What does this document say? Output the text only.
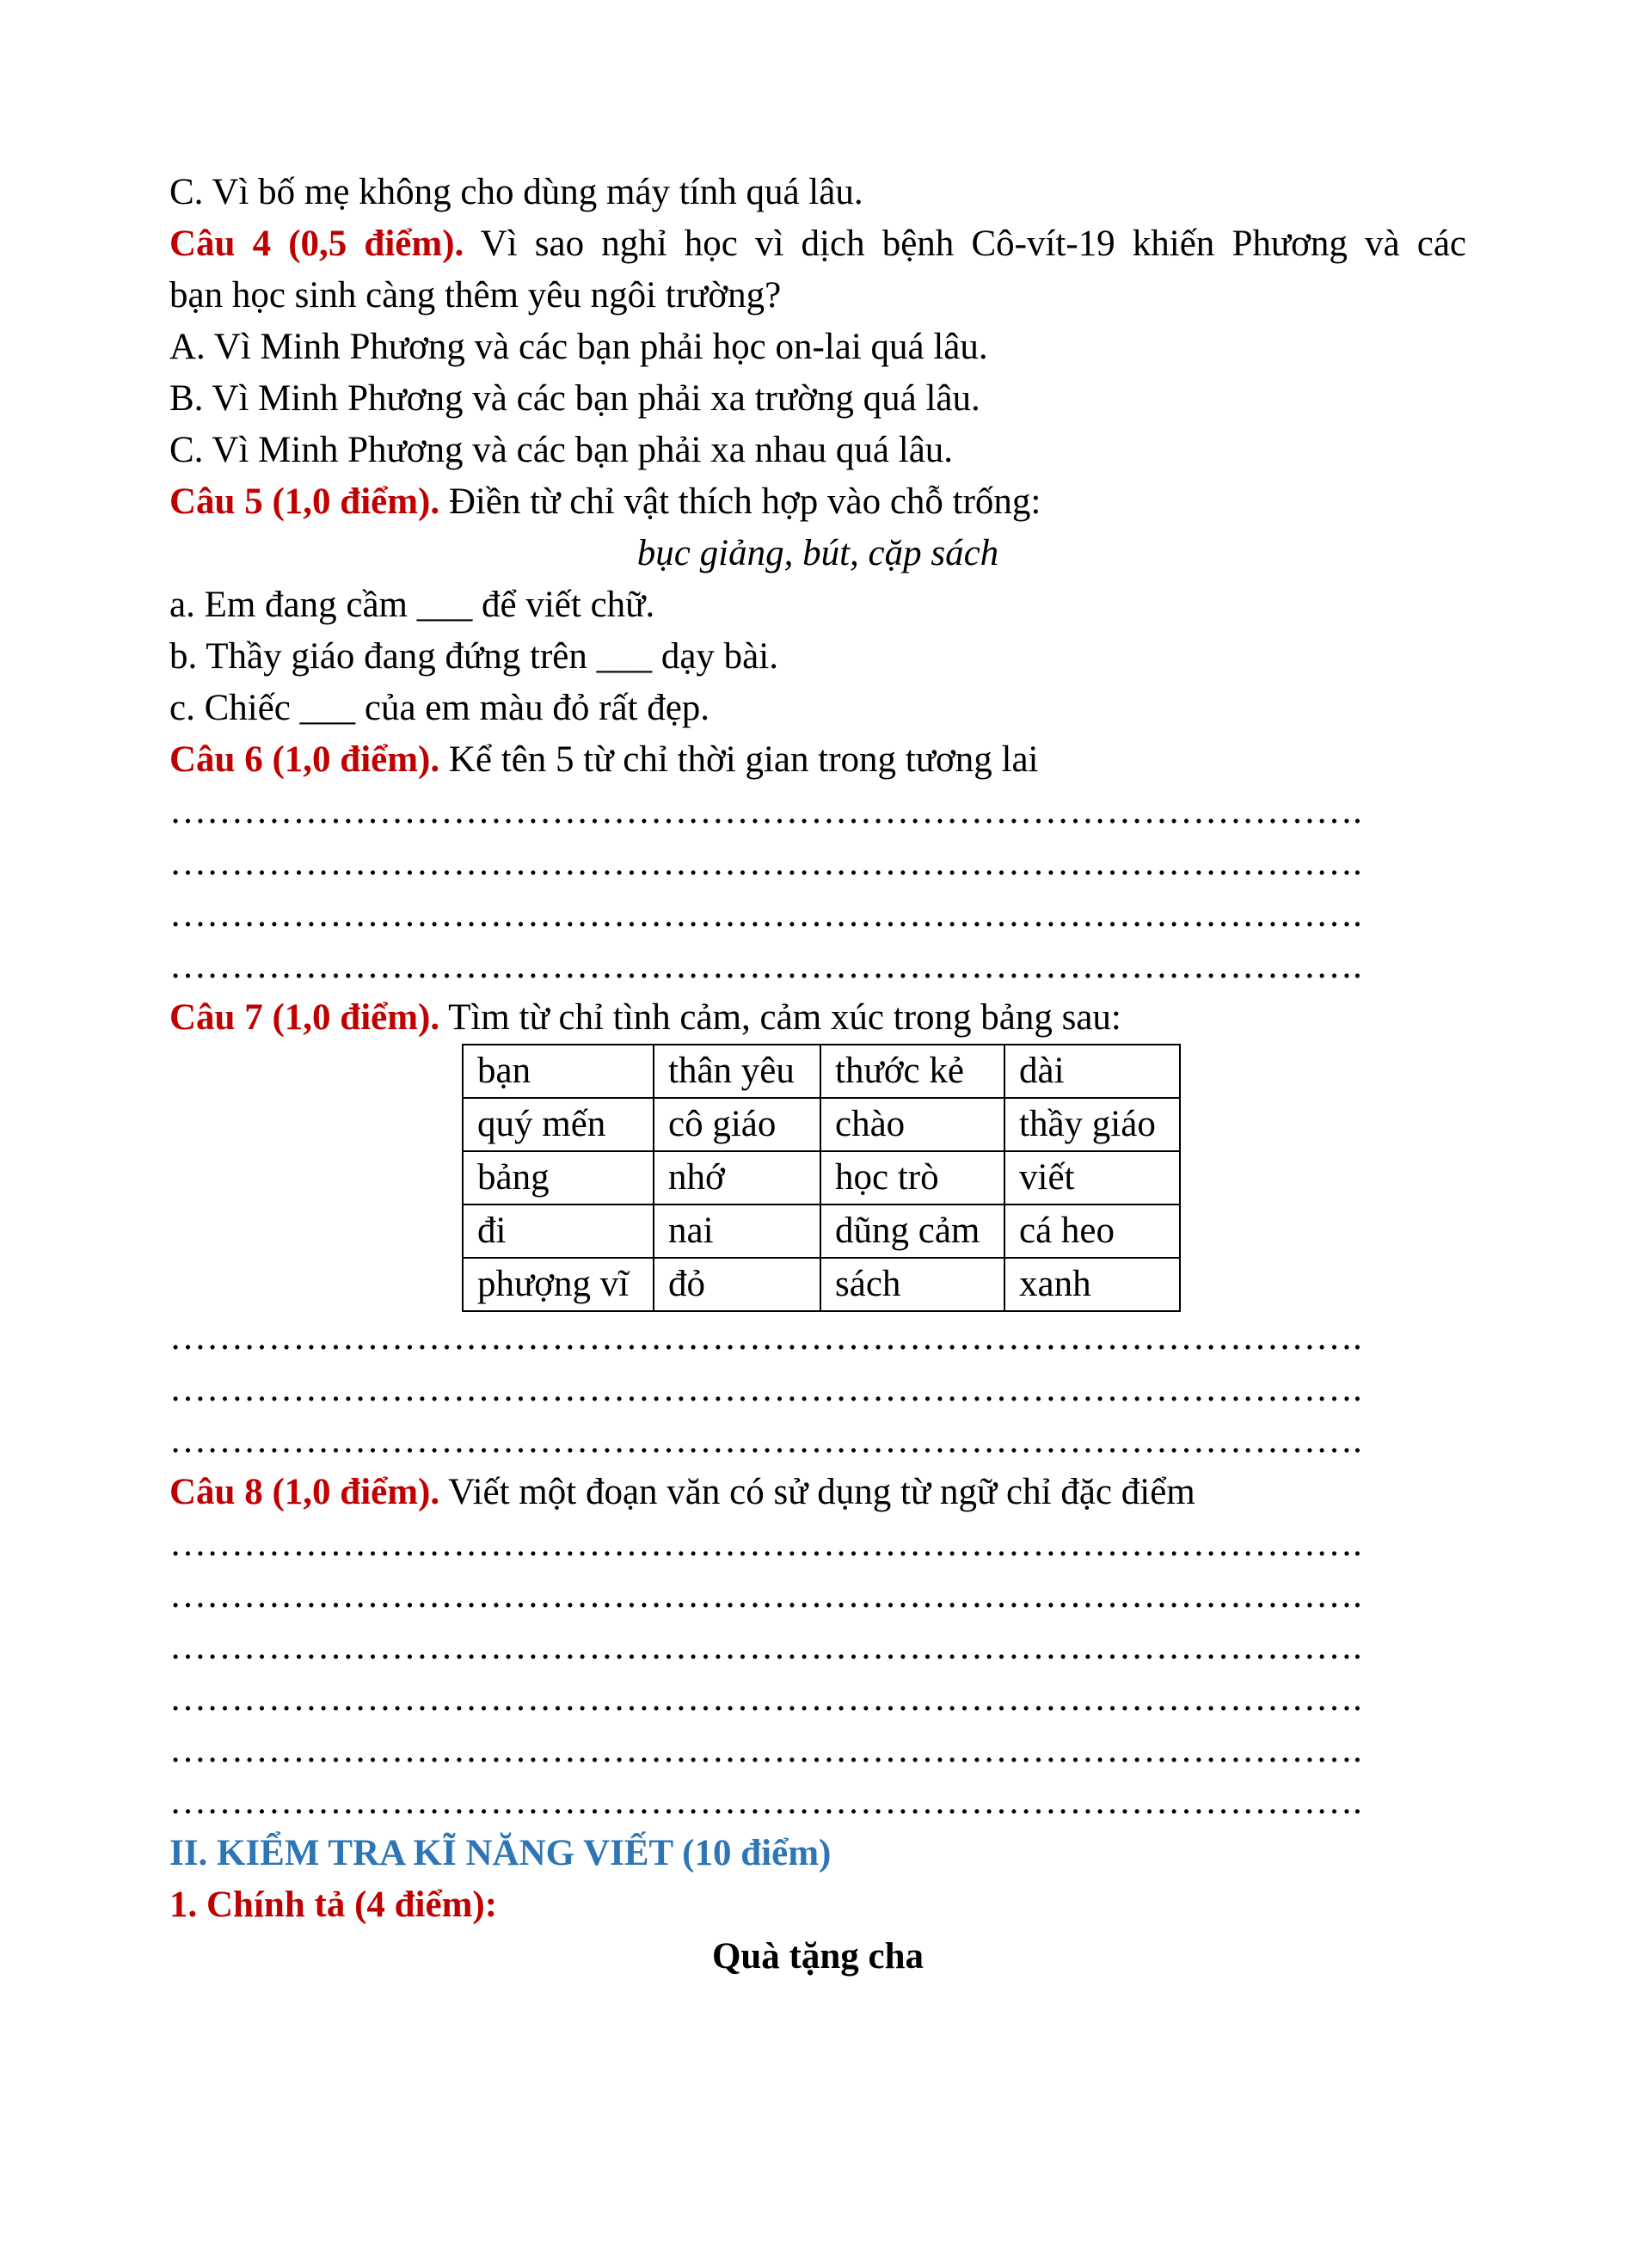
C. Vì bố mẹ không cho dùng máy tính quá lâu.
Câu 4 (0,5 điểm). Vì sao nghỉ học vì dịch bệnh Cô-vít-19 khiến Phương và các
bạn học sinh càng thêm yêu ngôi trường?
A. Vì Minh Phương và các bạn phải học on-lai quá lâu.
B. Vì Minh Phương và các bạn phải xa trường quá lâu.
C. Vì Minh Phương và các bạn phải xa nhau quá lâu.
Câu 5 (1,0 điểm). Điền từ chỉ vật thích hợp vào chỗ trống:
bục giảng, bút, cặp sách
a. Em đang cầm ___ để viết chữ.
b. Thầy giáo đang đứng trên ___ dạy bài.
c. Chiếc ___ của em màu đỏ rất đẹp.
Câu 6 (1,0 điểm). Kể tên 5 từ chỉ thời gian trong tương lai
…………………………………………………………………………………….
…………………………………………………………………………………….
…………………………………………………………………………………….
…………………………………………………………………………………….
Câu 7 (1,0 điểm). Tìm từ chỉ tình cảm, cảm xúc trong bảng sau:
bạn	thân yêu	thước kẻ	dài
quý mến	cô giáo	chào	thầy giáo
bảng	nhớ	học trò	viết
đi	nai	dũng cảm	cá heo
phượng vĩ	đỏ	sách	xanh
…………………………………………………………………………………….
…………………………………………………………………………………….
…………………………………………………………………………………….
Câu 8 (1,0 điểm). Viết một đoạn văn có sử dụng từ ngữ chỉ đặc điểm
…………………………………………………………………………………….
…………………………………………………………………………………….
…………………………………………………………………………………….
…………………………………………………………………………………….
…………………………………………………………………………………….
…………………………………………………………………………………….
II. KIỂM TRA KĨ NĂNG VIẾT (10 điểm)
1. Chính tả (4 điểm):
Quà tặng cha
